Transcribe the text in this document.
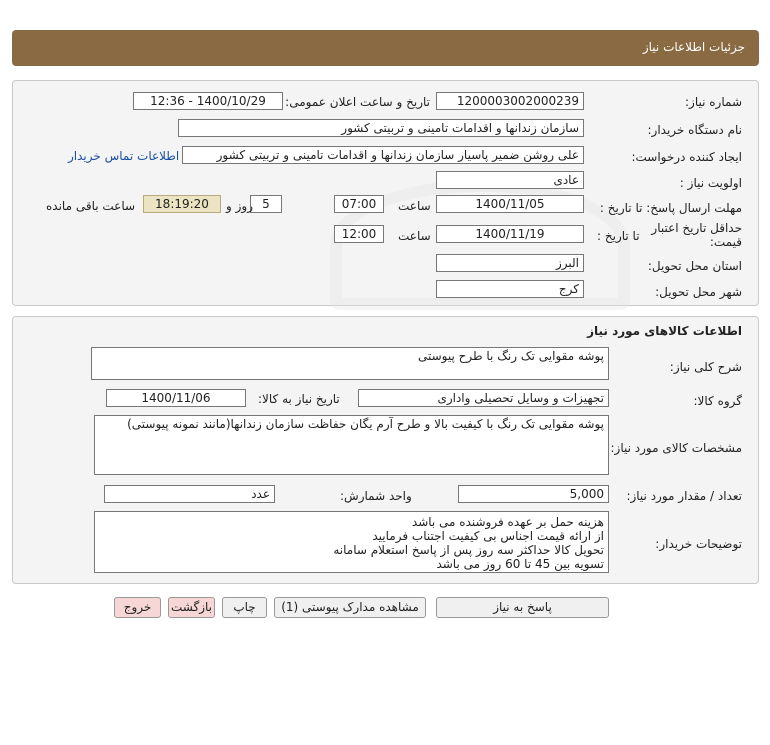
جزئیات اطلاعات نیاز
شماره نیاز:
1200003002000239
تاریخ و ساعت اعلان عمومی:
1400/10/29 - 12:36
نام دستگاه خریدار:
سازمان زندانها و اقدامات تامینی و تربیتی کشور
ایجاد کننده درخواست:
علی روشن ضمیر پاسیار سازمان زندانها و اقدامات تامینی و تربیتی کشور
اطلاعات تماس خریدار
اولویت نیاز :
عادی
مهلت ارسال پاسخ: تا تاریخ :
1400/11/05
ساعت
07:00
5
روز و
18:19:20
ساعت باقی مانده
حداقل تاریخ اعتبار
قیمت:
تا تاریخ :
1400/11/19
ساعت
12:00
استان محل تحویل:
البرز
شهر محل تحویل:
کرج
اطلاعات کالاهای مورد نیاز
شرح کلی نیاز:
پوشه مقوایی تک رنگ با طرح پیوستی
گروه کالا:
تجهیزات و وسایل تحصیلی واداری
تاریخ نیاز به کالا:
1400/11/06
مشخصات کالای مورد نیاز:
پوشه مقوایی تک رنگ با کیفیت بالا و طرح آرم یگان حفاظت سازمان زندانها(مانند نمونه پیوستی)
تعداد / مقدار مورد نیاز:
5,000
واحد شمارش:
عدد
توضیحات خریدار:
هزینه حمل بر عهده فروشنده می باشد
از ارائه قیمت اجناس بی کیفیت اجتناب فرمایید
تحویل کالا حداکثر سه روز پس از پاسخ استعلام سامانه
تسویه بین 45 تا 60 روز می باشد
پاسخ به نیاز
مشاهده مدارک پیوستی (1)
چاپ
بازگشت
خروج
